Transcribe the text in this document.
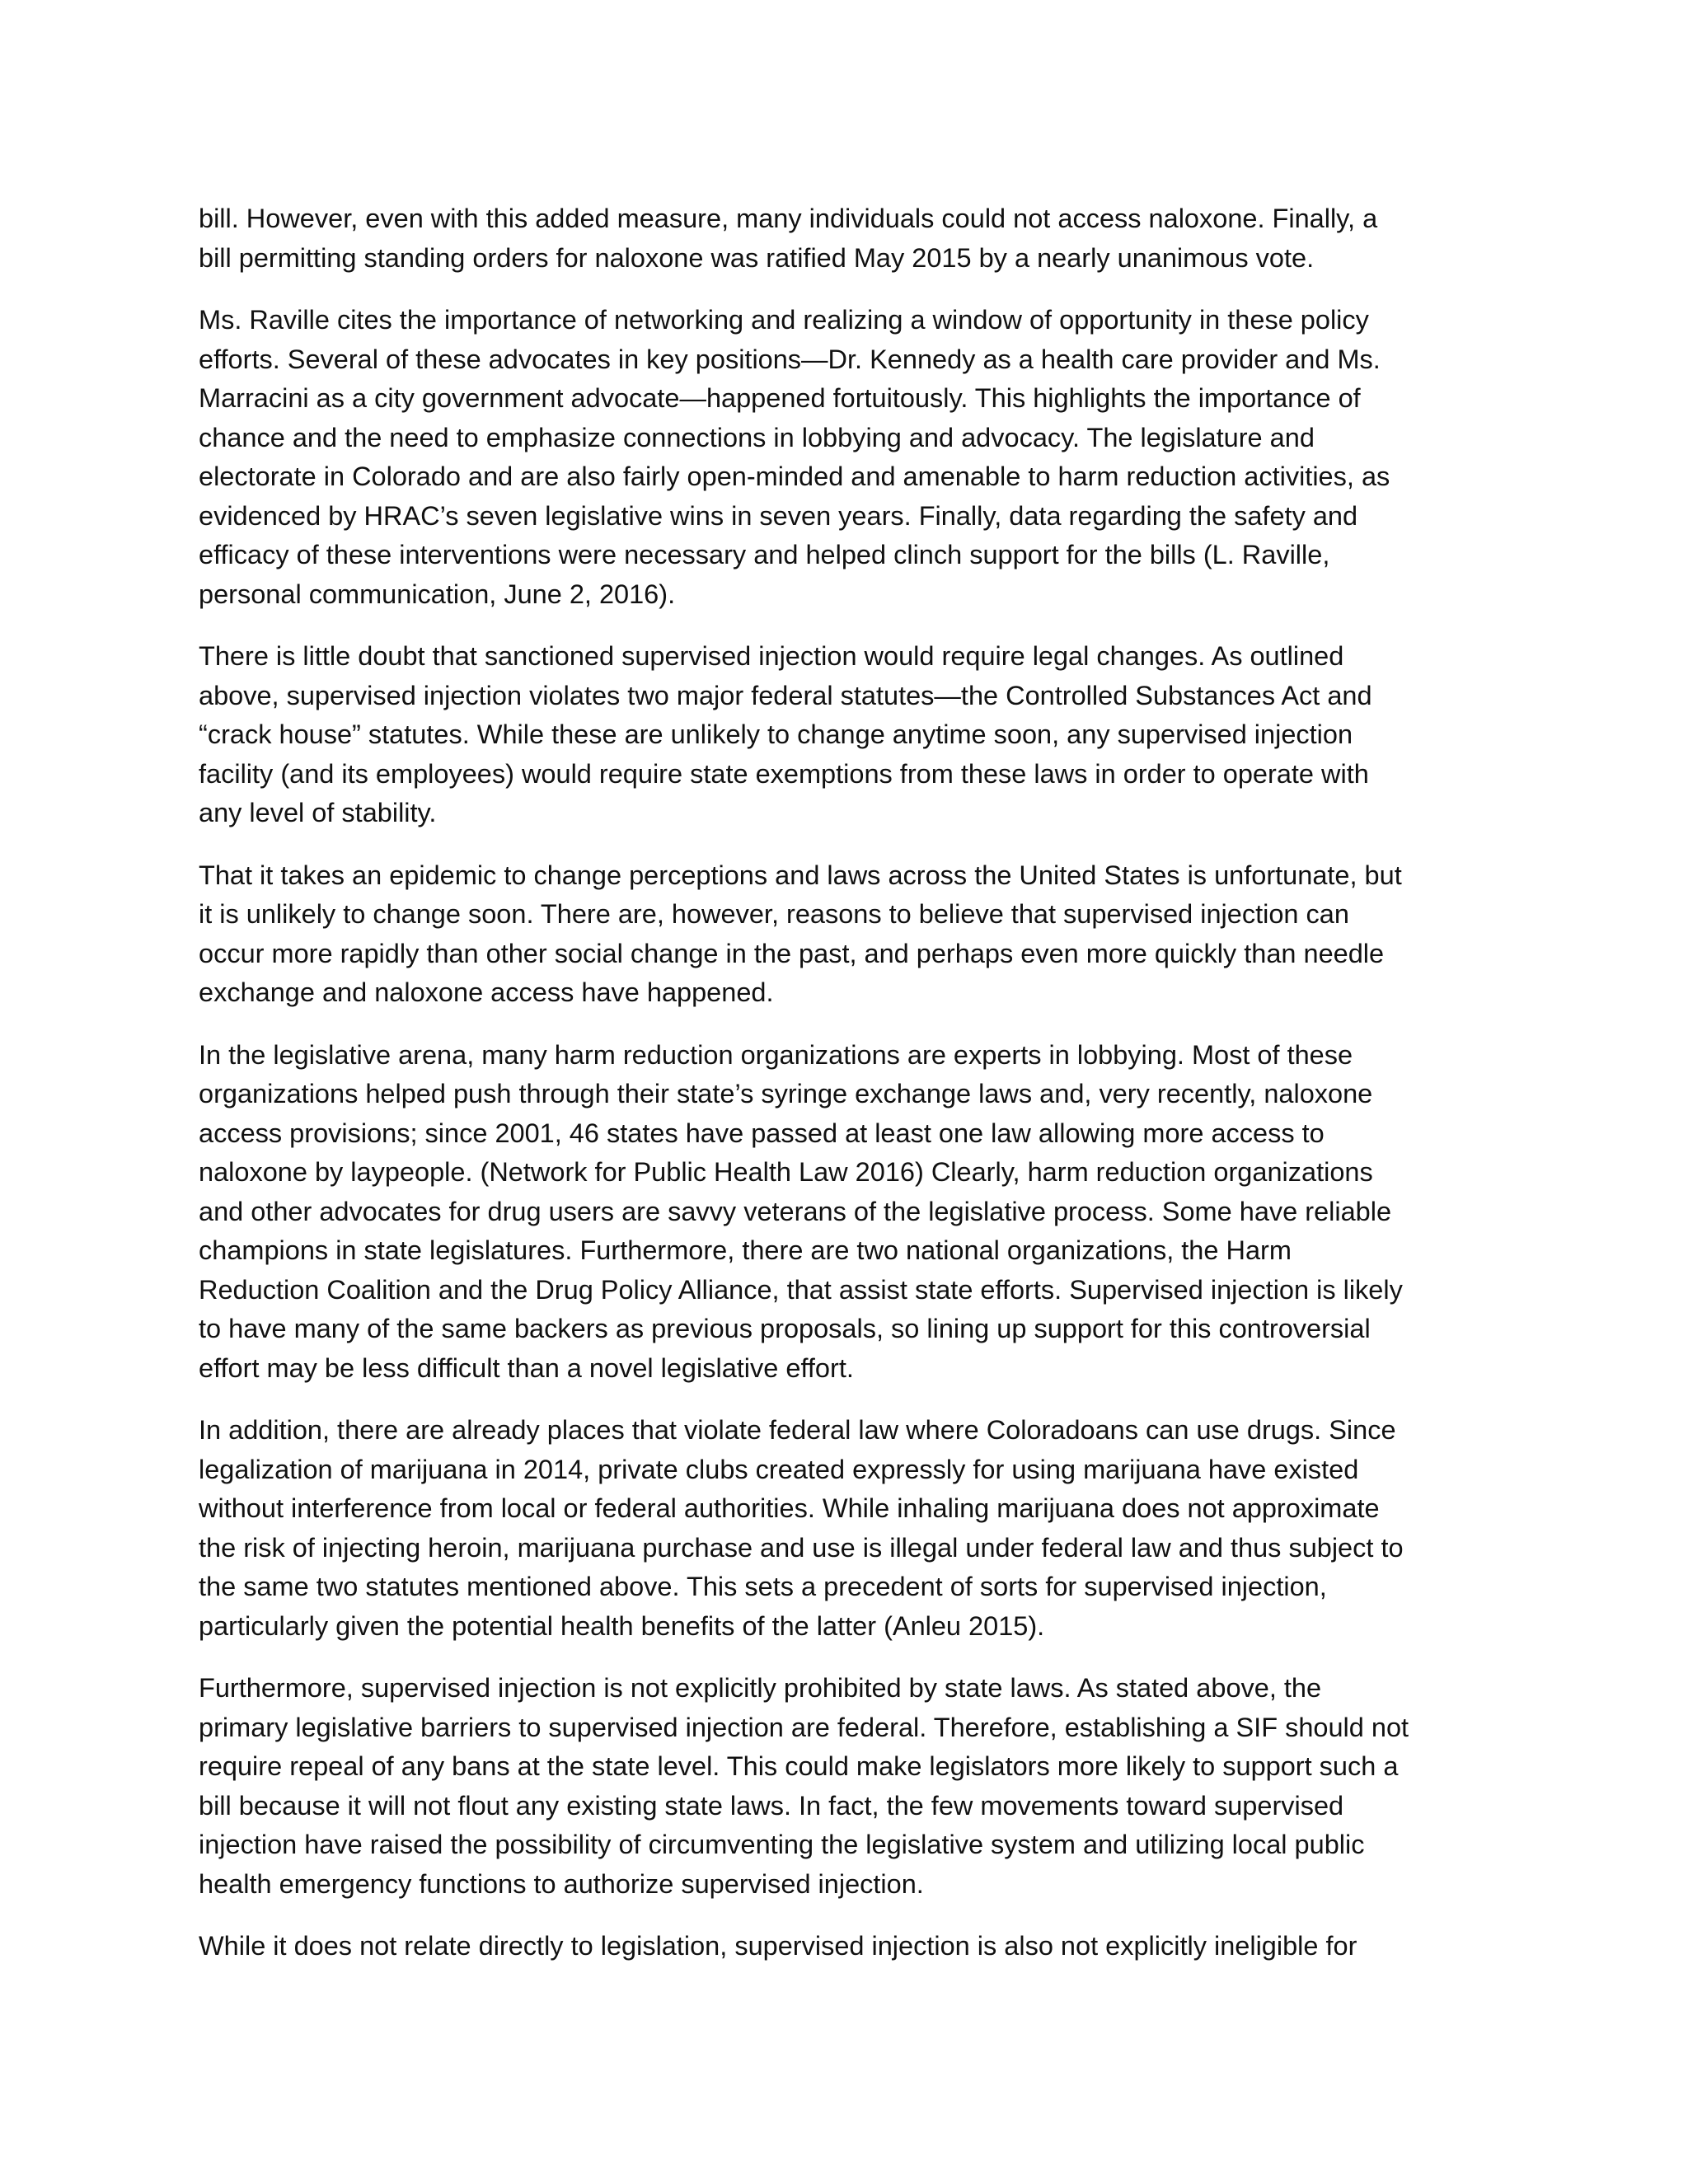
bill. However, even with this added measure, many individuals could not access naloxone. Finally, a
bill permitting standing orders for naloxone was ratified May 2015 by a nearly unanimous vote.

Ms. Raville cites the importance of networking and realizing a window of opportunity in these policy
efforts. Several of these advocates in key positions—Dr. Kennedy as a health care provider and Ms.
Marracini as a city government advocate—happened fortuitously. This highlights the importance of
chance and the need to emphasize connections in lobbying and advocacy. The legislature and
electorate in Colorado and are also fairly open-minded and amenable to harm reduction activities, as
evidenced by HRAC’s seven legislative wins in seven years. Finally, data regarding the safety and
efficacy of these interventions were necessary and helped clinch support for the bills (L. Raville,
personal communication, June 2, 2016).

There is little doubt that sanctioned supervised injection would require legal changes. As outlined
above, supervised injection violates two major federal statutes—the Controlled Substances Act and
“crack house” statutes. While these are unlikely to change anytime soon, any supervised injection
facility (and its employees) would require state exemptions from these laws in order to operate with
any level of stability.

That it takes an epidemic to change perceptions and laws across the United States is unfortunate, but
it is unlikely to change soon. There are, however, reasons to believe that supervised injection can
occur more rapidly than other social change in the past, and perhaps even more quickly than needle
exchange and naloxone access have happened.

In the legislative arena, many harm reduction organizations are experts in lobbying. Most of these
organizations helped push through their state’s syringe exchange laws and, very recently, naloxone
access provisions; since 2001, 46 states have passed at least one law allowing more access to
naloxone by laypeople. (Network for Public Health Law 2016) Clearly, harm reduction organizations
and other advocates for drug users are savvy veterans of the legislative process. Some have reliable
champions in state legislatures. Furthermore, there are two national organizations, the Harm
Reduction Coalition and the Drug Policy Alliance, that assist state efforts. Supervised injection is likely
to have many of the same backers as previous proposals, so lining up support for this controversial
effort may be less difficult than a novel legislative effort.

In addition, there are already places that violate federal law where Coloradoans can use drugs. Since
legalization of marijuana in 2014, private clubs created expressly for using marijuana have existed
without interference from local or federal authorities. While inhaling marijuana does not approximate
the risk of injecting heroin, marijuana purchase and use is illegal under federal law and thus subject to
the same two statutes mentioned above. This sets a precedent of sorts for supervised injection,
particularly given the potential health benefits of the latter (Anleu 2015).

Furthermore, supervised injection is not explicitly prohibited by state laws. As stated above, the
primary legislative barriers to supervised injection are federal. Therefore, establishing a SIF should not
require repeal of any bans at the state level. This could make legislators more likely to support such a
bill because it will not flout any existing state laws. In fact, the few movements toward supervised
injection have raised the possibility of circumventing the legislative system and utilizing local public
health emergency functions to authorize supervised injection.

While it does not relate directly to legislation, supervised injection is also not explicitly ineligible for
